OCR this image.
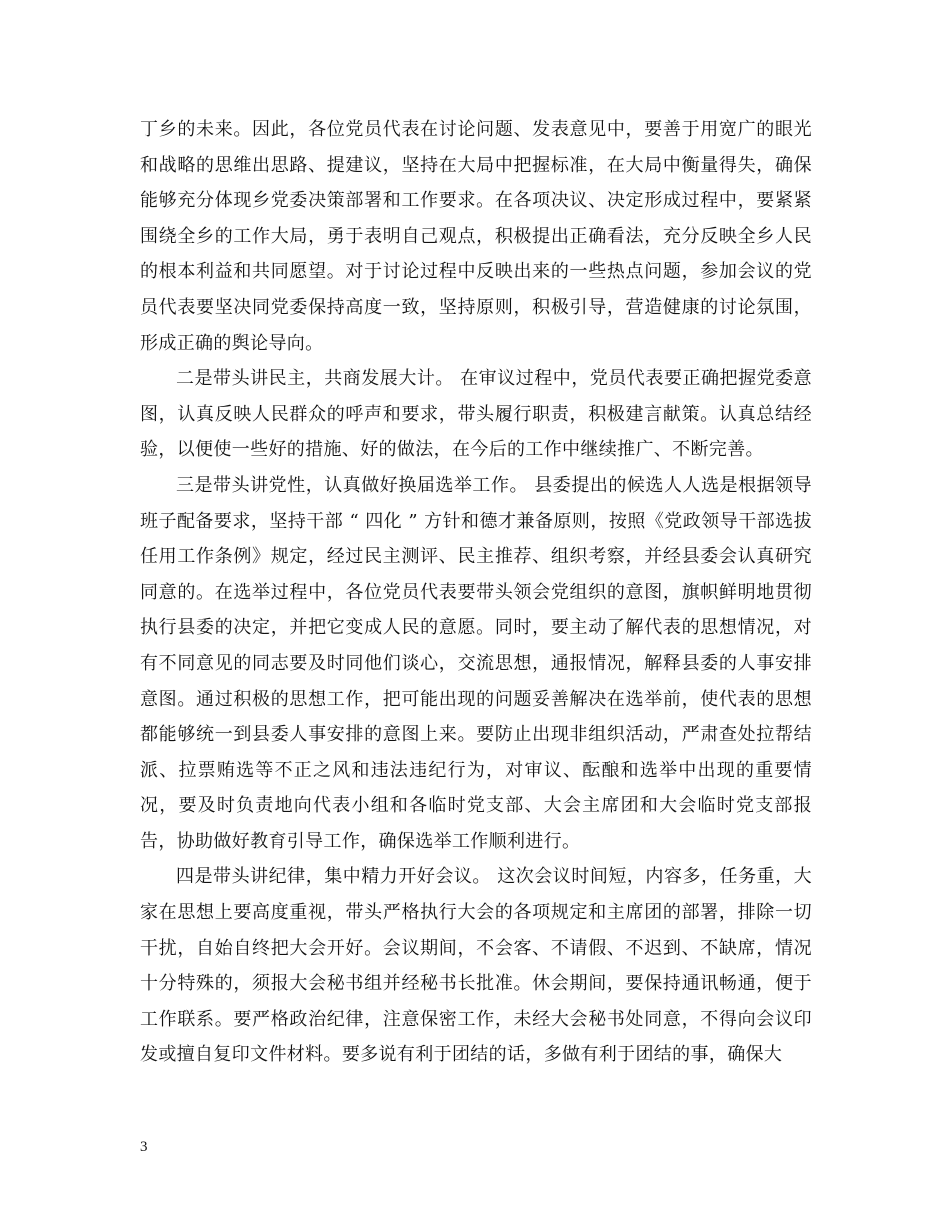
丁乡的未来。因此，各位党员代表在讨论问题、发表意见中，要善于用宽广的眼光和战略的思维出思路、提建议，坚持在大局中把握标准，在大局中衡量得失，确保能够充分体现乡党委决策部署和工作要求。在各项决议、决定形成过程中，要紧紧围绕全乡的工作大局，勇于表明自己观点，积极提出正确看法，充分反映全乡人民的根本利益和共同愿望。对于讨论过程中反映出来的一些热点问题，参加会议的党员代表要坚决同党委保持高度一致，坚持原则，积极引导，营造健康的讨论氛围，形成正确的舆论导向。

二是带头讲民主，共商发展大计。 在审议过程中，党员代表要正确把握党委意图，认真反映人民群众的呼声和要求，带头履行职责，积极建言献策。认真总结经验，以便使一些好的措施、好的做法，在今后的工作中继续推广、不断完善。

三是带头讲党性，认真做好换届选举工作。 县委提出的候选人人选是根据领导班子配备要求，坚持干部 “ 四化 ” 方针和德才兼备原则，按照《党政领导干部选拔任用工作条例》规定，经过民主测评、民主推荐、组织考察，并经县委会认真研究同意的。在选举过程中，各位党员代表要带头领会党组织的意图，旗帜鲜明地贯彻执行县委的决定，并把它变成人民的意愿。同时，要主动了解代表的思想情况，对有不同意见的同志要及时同他们谈心，交流思想，通报情况，解释县委的人事安排意图。通过积极的思想工作，把可能出现的问题妥善解决在选举前，使代表的思想都能够统一到县委人事安排的意图上来。要防止出现非组织活动，严肃查处拉帮结派、拉票贿选等不正之风和违法违纪行为，对审议、酝酿和选举中出现的重要情况，要及时负责地向代表小组和各临时党支部、大会主席团和大会临时党支部报告，协助做好教育引导工作，确保选举工作顺利进行。

四是带头讲纪律，集中精力开好会议。 这次会议时间短，内容多，任务重，大家在思想上要高度重视，带头严格执行大会的各项规定和主席团的部署，排除一切干扰，自始自终把大会开好。会议期间，不会客、不请假、不迟到、不缺席，情况十分特殊的，须报大会秘书组并经秘书长批准。休会期间，要保持通讯畅通，便于工作联系。要严格政治纪律，注意保密工作，未经大会秘书处同意，不得向会议印发或擅自复印文件材料。要多说有利于团结的话，多做有利于团结的事，确保大

3
